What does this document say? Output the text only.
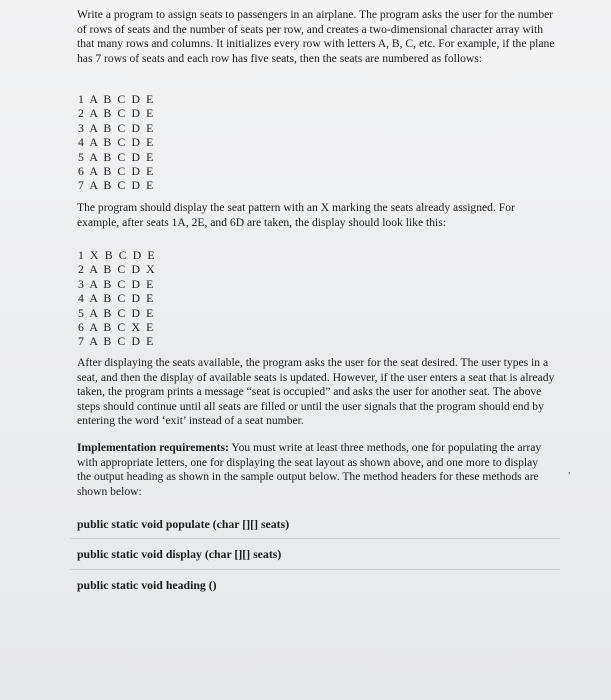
Write a program to assign seats to passengers in an airplane. The program asks the user for the number of rows of seats and the number of seats per row, and creates a two-dimensional character array with that many rows and columns. It initializes every row with letters A, B, C, etc. For example, if the plane has 7 rows of seats and each row has five seats, then the seats are numbered as follows:

1 A B C D E
2 A B C D E
3 A B C D E
4 A B C D E
5 A B C D E
6 A B C D E
7 A B C D E

The program should display the seat pattern with an X marking the seats already assigned. For example, after seats 1A, 2E, and 6D are taken, the display should look like this:

1 X B C D E
2 A B C D X
3 A B C D E
4 A B C D E
5 A B C D E
6 A B C X E
7 A B C D E

After displaying the seats available, the program asks the user for the seat desired. The user types in a seat, and then the display of available seats is updated. However, if the user enters a seat that is already taken, the program prints a message “seat is occupied” and asks the user for another seat. The above steps should continue until all seats are filled or until the user signals that the program should end by entering the word ‘exit’ instead of a seat number.

Implementation requirements: You must write at least three methods, one for populating the array with appropriate letters, one for displaying the seat layout as shown above, and one more to display the output heading as shown in the sample output below. The method headers for these methods are shown below:

public static void populate (char [][] seats)
public static void display (char [][] seats)
public static void heading ()
,
